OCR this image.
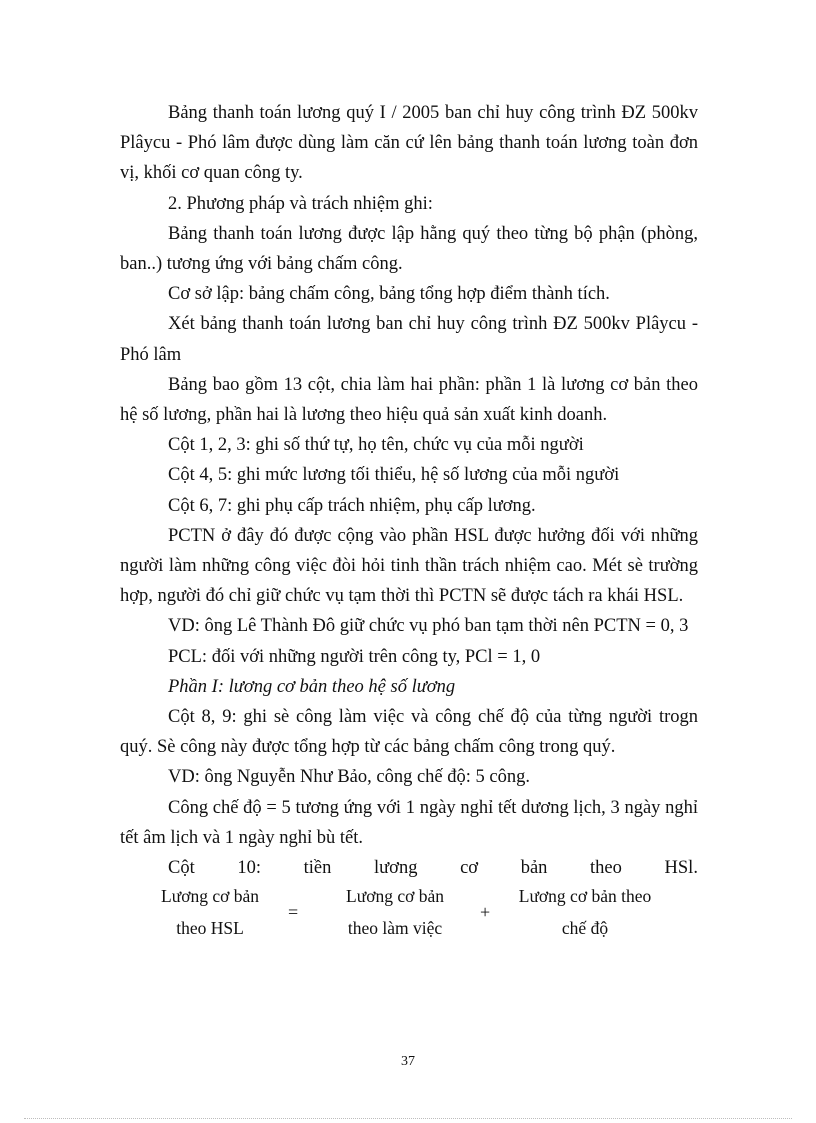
Bảng thanh toán lương quý I / 2005 ban chỉ huy công trình ĐZ 500kv Plâycu - Phó lâm được dùng làm căn cứ lên bảng thanh toán lương toàn đơn vị, khối cơ quan công ty.

2. Phương pháp và trách nhiệm ghi:

Bảng thanh toán lương được lập hằng quý theo từng bộ phận (phòng, ban..) tương ứng với bảng chấm công.

Cơ sở lập: bảng chấm công, bảng tổng hợp điểm thành tích.

Xét bảng thanh toán lương ban chỉ huy công trình ĐZ 500kv Plâycu - Phó lâm

Bảng bao gồm 13 cột, chia làm hai phần: phần 1 là lương cơ bản theo hệ số lương, phần hai là lương theo hiệu quả sản xuất kinh doanh.

Cột 1, 2, 3: ghi số thứ tự, họ tên, chức vụ của mỗi người

Cột 4, 5: ghi mức lương tối thiểu, hệ số lương của mỗi người

Cột 6, 7: ghi phụ cấp trách nhiệm, phụ cấp lương.

PCTN ở đây đó được cộng vào phần HSL được hưởng đối với những người làm những công việc đòi hỏi tinh thần trách nhiệm cao. Mét sè trường hợp, người đó chỉ giữ chức vụ tạm thời thì PCTN sẽ được tách ra khái HSL.

VD: ông Lê Thành Đô giữ chức vụ phó ban tạm thời nên PCTN = 0, 3

PCL: đối với những người trên công ty, PCl = 1, 0

Phần I: lương cơ bản theo hệ số lương

Cột 8, 9: ghi sè công làm việc và công chế độ của từng người trogn quý. Sè công này được tổng hợp từ các bảng chấm công trong quý.

VD: ông Nguyễn Như Bảo, công chế độ: 5 công.

Công chế độ = 5 tương ứng với 1 ngày nghỉ tết dương lịch, 3 ngày nghỉ tết âm lịch và 1 ngày nghỉ bù tết.

Cột 10: tiền lương cơ bản theo HSl.
Lương cơ bản
theo HSL
=
Lương cơ bản
theo làm việc
+
Lương cơ bản theo
chế độ
37
